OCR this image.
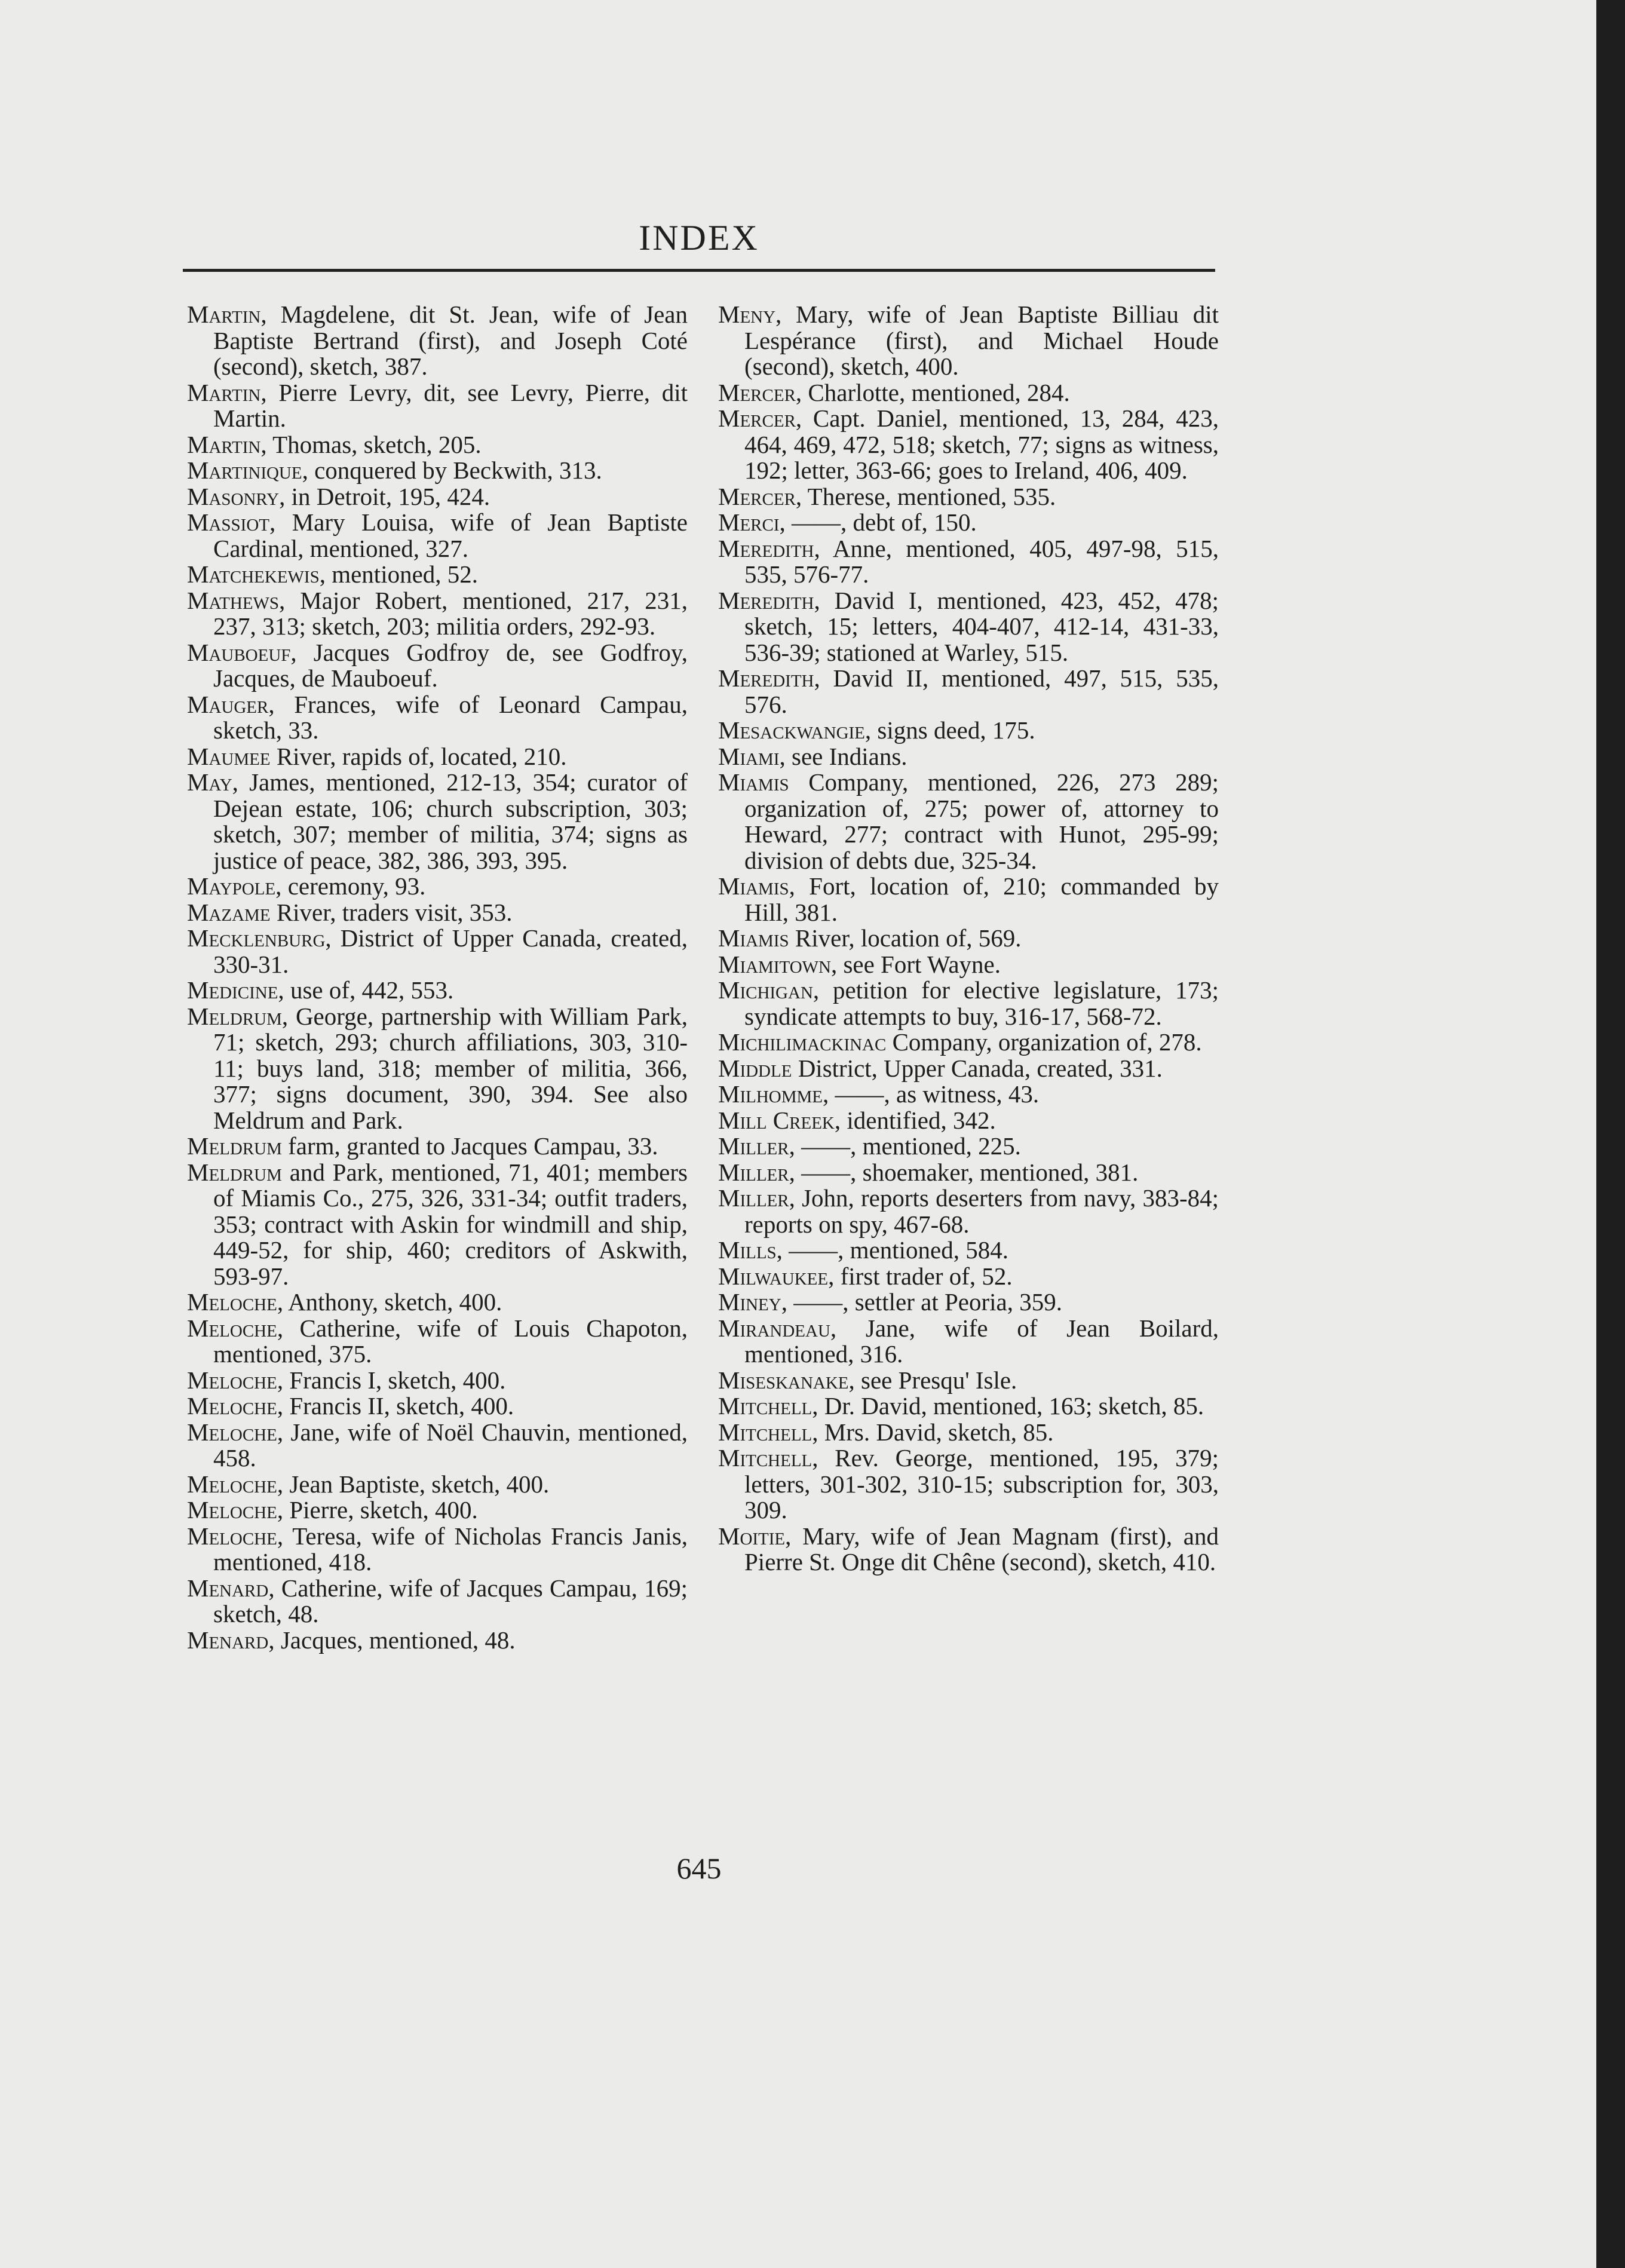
INDEX

Martin, Magdelene, dit St. Jean, wife of Jean Baptiste Bertrand (first), and Joseph Coté (second), sketch, 387.

Martin, Pierre Levry, dit, see Levry, Pierre, dit Martin.

Martin, Thomas, sketch, 205.

Martinique, conquered by Beckwith, 313.

Masonry, in Detroit, 195, 424.

Massiot, Mary Louisa, wife of Jean Baptiste Cardinal, mentioned, 327.

Matchekewis, mentioned, 52.

Mathews, Major Robert, mentioned, 217, 231, 237, 313; sketch, 203; militia orders, 292-93.

Mauboeuf, Jacques Godfroy de, see Godfroy, Jacques, de Mauboeuf.

Mauger, Frances, wife of Leonard Campau, sketch, 33.

Maumee River, rapids of, located, 210.

May, James, mentioned, 212-13, 354; curator of Dejean estate, 106; church subscription, 303; sketch, 307; member of militia, 374; signs as justice of peace, 382, 386, 393, 395.

Maypole, ceremony, 93.

Mazame River, traders visit, 353.

Mecklenburg, District of Upper Canada, created, 330-31.

Medicine, use of, 442, 553.

Meldrum, George, partnership with William Park, 71; sketch, 293; church affiliations, 303, 310-11; buys land, 318; member of militia, 366, 377; signs document, 390, 394. See also Meldrum and Park.

Meldrum farm, granted to Jacques Campau, 33.

Meldrum and Park, mentioned, 71, 401; members of Miamis Co., 275, 326, 331-34; outfit traders, 353; contract with Askin for windmill and ship, 449-52, for ship, 460; creditors of Askwith, 593-97.

Meloche, Anthony, sketch, 400.

Meloche, Catherine, wife of Louis Chapoton, mentioned, 375.

Meloche, Francis I, sketch, 400.

Meloche, Francis II, sketch, 400.

Meloche, Jane, wife of Noël Chauvin, mentioned, 458.

Meloche, Jean Baptiste, sketch, 400.

Meloche, Pierre, sketch, 400.

Meloche, Teresa, wife of Nicholas Francis Janis, mentioned, 418.

Menard, Catherine, wife of Jacques Campau, 169; sketch, 48.

Menard, Jacques, mentioned, 48.

Meny, Mary, wife of Jean Baptiste Billiau dit Lespérance (first), and Michael Houde (second), sketch, 400.

Mercer, Charlotte, mentioned, 284.

Mercer, Capt. Daniel, mentioned, 13, 284, 423, 464, 469, 472, 518; sketch, 77; signs as witness, 192; letter, 363-66; goes to Ireland, 406, 409.

Mercer, Therese, mentioned, 535.

Merci, ——, debt of, 150.

Meredith, Anne, mentioned, 405, 497-98, 515, 535, 576-77.

Meredith, David I, mentioned, 423, 452, 478; sketch, 15; letters, 404-407, 412-14, 431-33, 536-39; stationed at Warley, 515.

Meredith, David II, mentioned, 497, 515, 535, 576.

Mesackwangie, signs deed, 175.

Miami, see Indians.

Miamis Company, mentioned, 226, 273 289; organization of, 275; power of, attorney to Heward, 277; contract with Hunot, 295-99; division of debts due, 325-34.

Miamis, Fort, location of, 210; commanded by Hill, 381.

Miamis River, location of, 569.

Miamitown, see Fort Wayne.

Michigan, petition for elective legislature, 173; syndicate attempts to buy, 316-17, 568-72.

Michilimackinac Company, organization of, 278.

Middle District, Upper Canada, created, 331.

Milhomme, ——, as witness, 43.

Mill Creek, identified, 342.

Miller, ——, mentioned, 225.

Miller, ——, shoemaker, mentioned, 381.

Miller, John, reports deserters from navy, 383-84; reports on spy, 467-68.

Mills, ——, mentioned, 584.

Milwaukee, first trader of, 52.

Miney, ——, settler at Peoria, 359.

Mirandeau, Jane, wife of Jean Boilard, mentioned, 316.

Miseskanake, see Presqu' Isle.

Mitchell, Dr. David, mentioned, 163; sketch, 85.

Mitchell, Mrs. David, sketch, 85.

Mitchell, Rev. George, mentioned, 195, 379; letters, 301-302, 310-15; subscription for, 303, 309.

Moitie, Mary, wife of Jean Magnam (first), and Pierre St. Onge dit Chêne (second), sketch, 410.

645
